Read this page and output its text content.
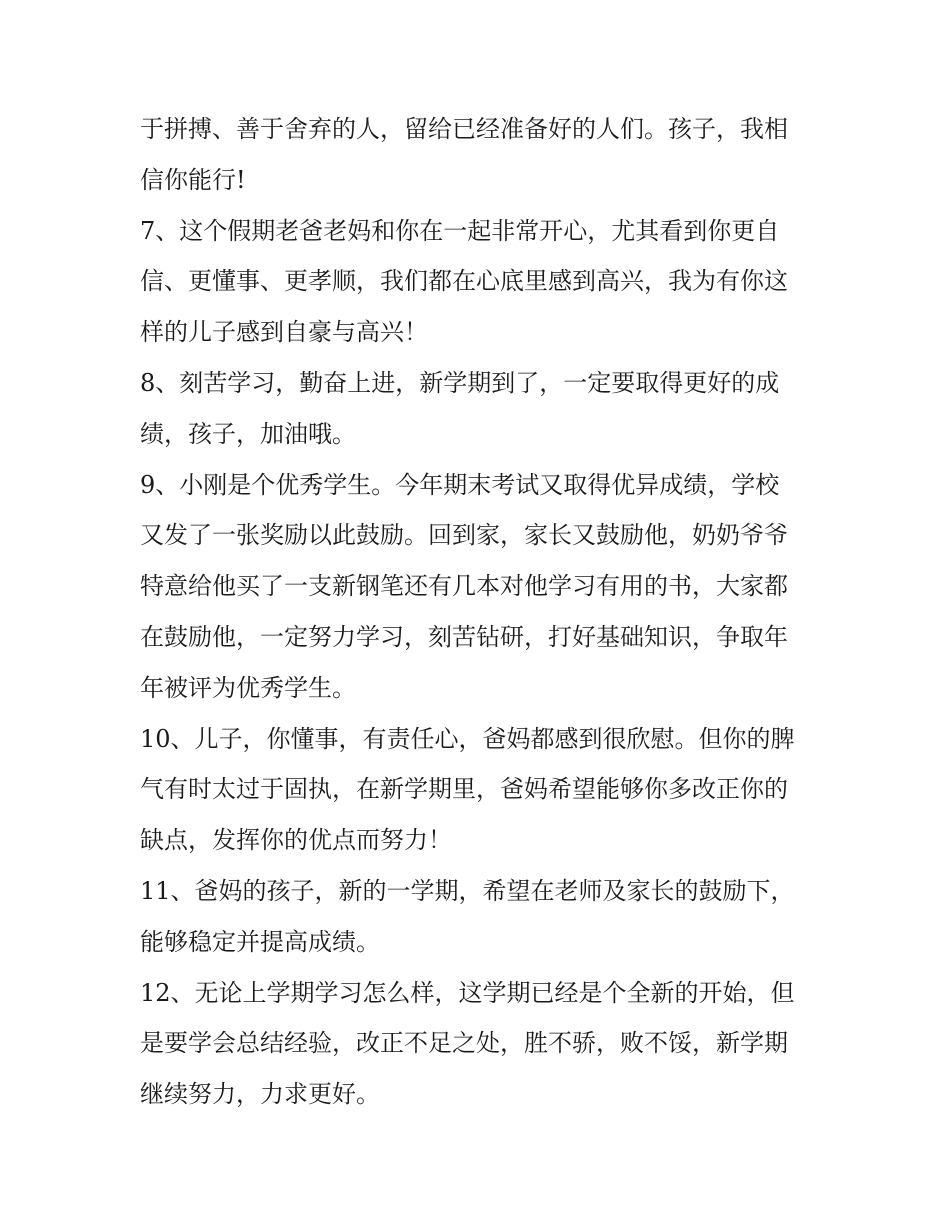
于拼搏、善于舍弃的人，留给已经准备好的人们。孩子，我相
信你能行!

7、这个假期老爸老妈和你在一起非常开心，尤其看到你更自
信、更懂事、更孝顺，我们都在心底里感到高兴，我为有你这
样的儿子感到自豪与高兴！

8、刻苦学习，勤奋上进，新学期到了，一定要取得更好的成
绩，孩子，加油哦。

9、小刚是个优秀学生。今年期末考试又取得优异成绩，学校
又发了一张奖励以此鼓励。回到家，家长又鼓励他，奶奶爷爷
特意给他买了一支新钢笔还有几本对他学习有用的书，大家都
在鼓励他，一定努力学习，刻苦钻研，打好基础知识，争取年
年被评为优秀学生。

10、儿子，你懂事，有责任心，爸妈都感到很欣慰。但你的脾
气有时太过于固执，在新学期里，爸妈希望能够你多改正你的
缺点，发挥你的优点而努力！

11、爸妈的孩子，新的一学期，希望在老师及家长的鼓励下，
能够稳定并提高成绩。

12、无论上学期学习怎么样，这学期已经是个全新的开始，但
是要学会总结经验，改正不足之处，胜不骄，败不馁，新学期
继续努力，力求更好。
